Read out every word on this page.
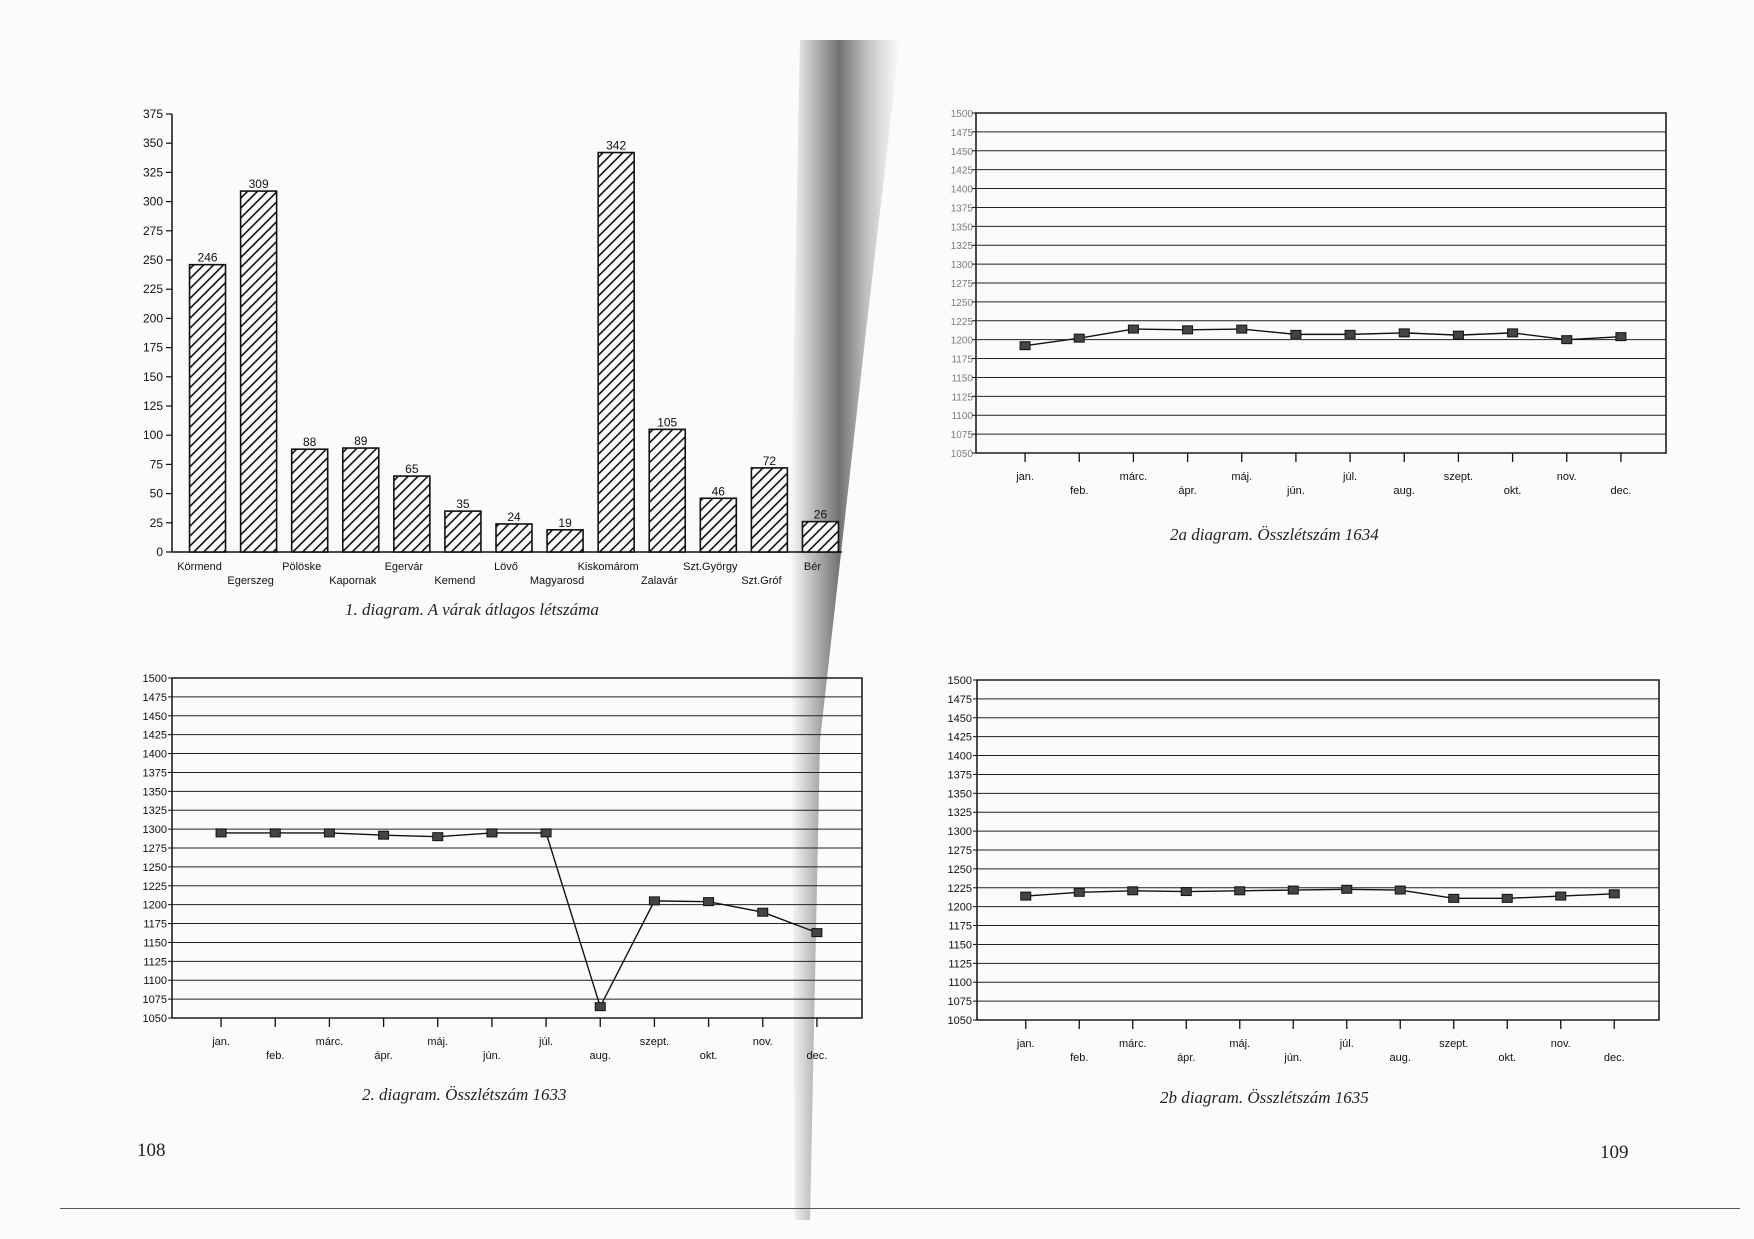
0
25
50
75
100
125
150
175
200
225
250
275
300
325
350
375
246
Körmend
309
Egerszeg
88
Pölöske
89
Kapornak
65
Egervár
35
Kemend
24
Lövő
19
Magyarosd
342
Kiskomárom
105
Zalavár
46
Szt.György
72
Szt.Gróf
26
Bér
1. diagram. A várak átlagos létszáma
1050
1075
1100
1125
1150
1175
1200
1225
1250
1275
1300
1325
1350
1375
1400
1425
1450
1475
1500
jan.
feb.
márc.
ápr.
máj.
jún.
júl.
aug.
szept.
okt.
nov.
dec.
2. diagram. Összlétszám 1633
jan.
feb.
márc.
ápr.
máj.
jún.
júl.
aug.
szept.
okt.
nov.
dec.
1050
1075
1100
1125
1150
1175
1200
1225
1250
1275
1300
1325
1350
1375
1400
1425
1450
1475
1500
2a diagram. Összlétszám 1634
1050
1075
1100
1125
1150
1175
1200
1225
1250
1275
1300
1325
1350
1375
1400
1425
1450
1475
1500
jan.
feb.
márc.
ápr.
máj.
jún.
júl.
aug.
szept.
okt.
nov.
dec.
2b diagram. Összlétszám 1635
108	109
